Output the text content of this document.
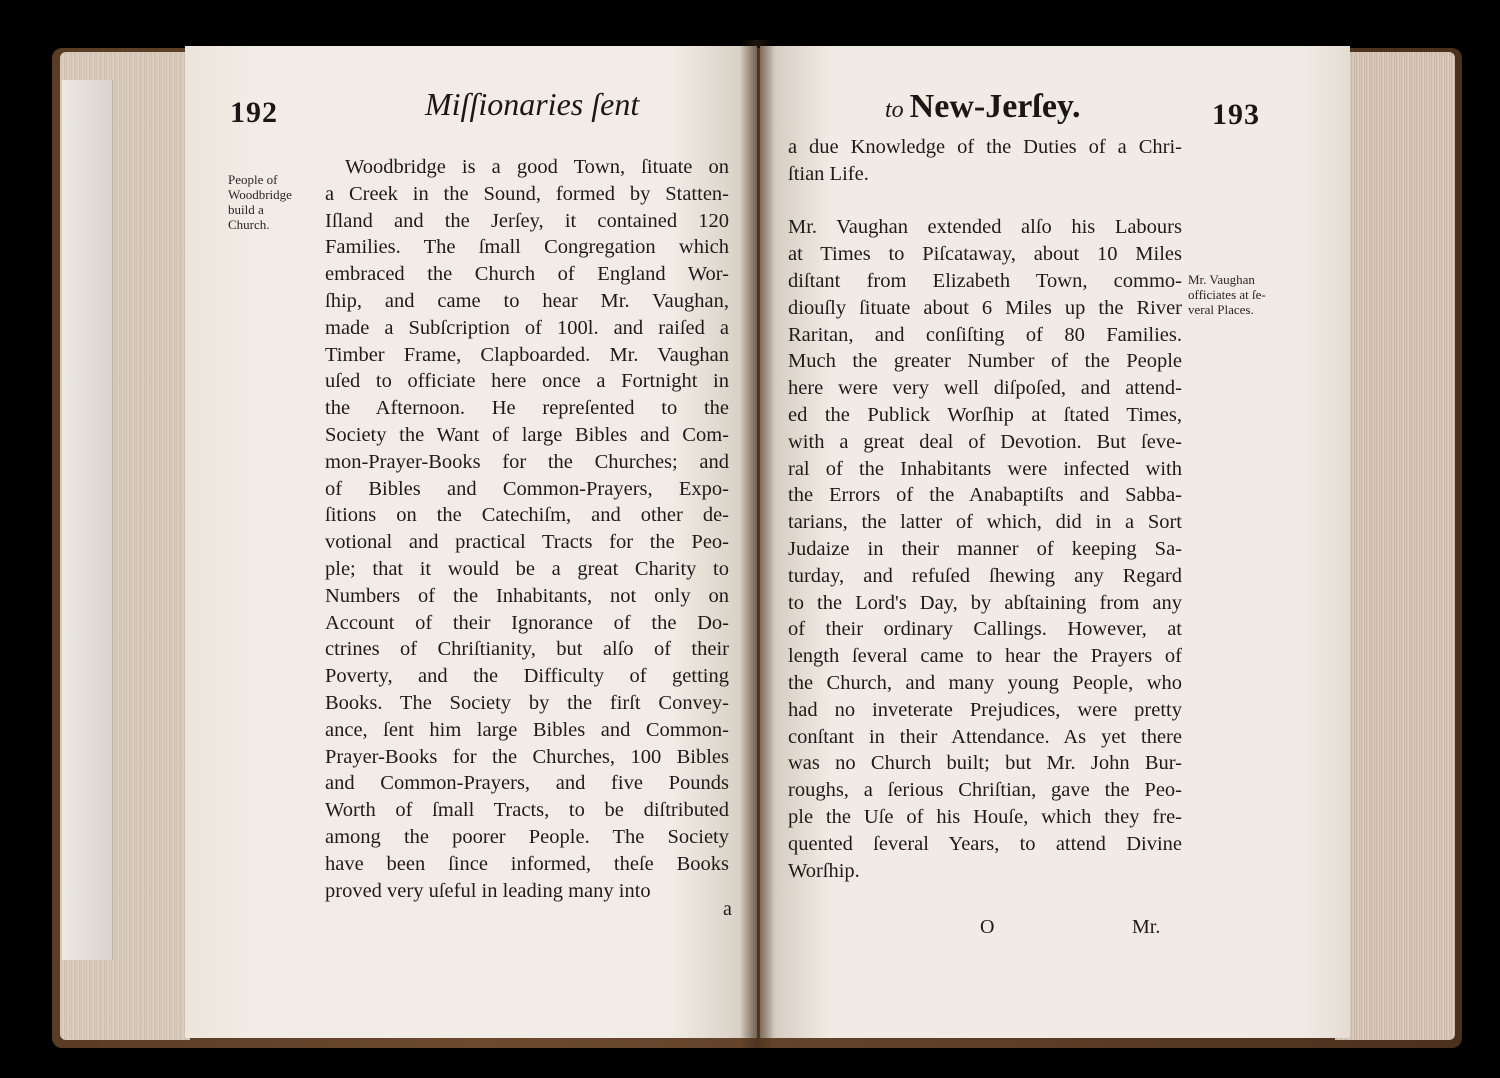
192	Miſſionaries ſent
People of
Woodbridge
build a
Church.
Woodbridge is a good Town, ſituate on
a Creek in the Sound, formed by Statten-
Iſland and the Jerſey, it contained 120
Families. The ſmall Congregation which
embraced the Church of England Wor-
ſhip, and came to hear Mr. Vaughan,
made a Subſcription of 100l. and raiſed a
Timber Frame, Clapboarded. Mr. Vaughan
uſed to officiate here once a Fortnight in
the Afternoon. He repreſented to the
Society the Want of large Bibles and Com-
mon-Prayer-Books for the Churches; and
of Bibles and Common-Prayers, Expo-
ſitions on the Catechiſm, and other de-
votional and practical Tracts for the Peo-
ple; that it would be a great Charity to
Numbers of the Inhabitants, not only on
Account of their Ignorance of the Do-
ctrines of Chriſtianity, but alſo of their
Poverty, and the Difficulty of getting
Books. The Society by the firſt Convey-
ance, ſent him large Bibles and Common-
Prayer-Books for the Churches, 100 Bibles
and Common-Prayers, and five Pounds
Worth of ſmall Tracts, to be diſtributed
among the poorer People. The Society
have been ſince informed, theſe Books
proved very uſeful in leading many into
a
to New-Jerſey.	193
Mr. Vaughan
officiates at ſe-
veral Places.
a due Knowledge of the Duties of a Chri-
ſtian Life.

Mr. Vaughan extended alſo his Labours
at Times to Piſcataway, about 10 Miles
diſtant from Elizabeth Town, commo-
diouſly ſituate about 6 Miles up the River
Raritan, and conſiſting of 80 Families.
Much the greater Number of the People
here were very well diſpoſed, and attend-
ed the Publick Worſhip at ſtated Times,
with a great deal of Devotion. But ſeve-
ral of the Inhabitants were infected with
the Errors of the Anabaptiſts and Sabba-
tarians, the latter of which, did in a Sort
Judaize in their manner of keeping Sa-
turday, and refuſed ſhewing any Regard
to the Lord's Day, by abſtaining from any
of their ordinary Callings. However, at
length ſeveral came to hear the Prayers of
the Church, and many young People, who
had no inveterate Prejudices, were pretty
conſtant in their Attendance. As yet there
was no Church built; but Mr. John Bur-
roughs, a ſerious Chriſtian, gave the Peo-
ple the Uſe of his Houſe, which they fre-
quented ſeveral Years, to attend Divine
Worſhip.
O	Mr.
